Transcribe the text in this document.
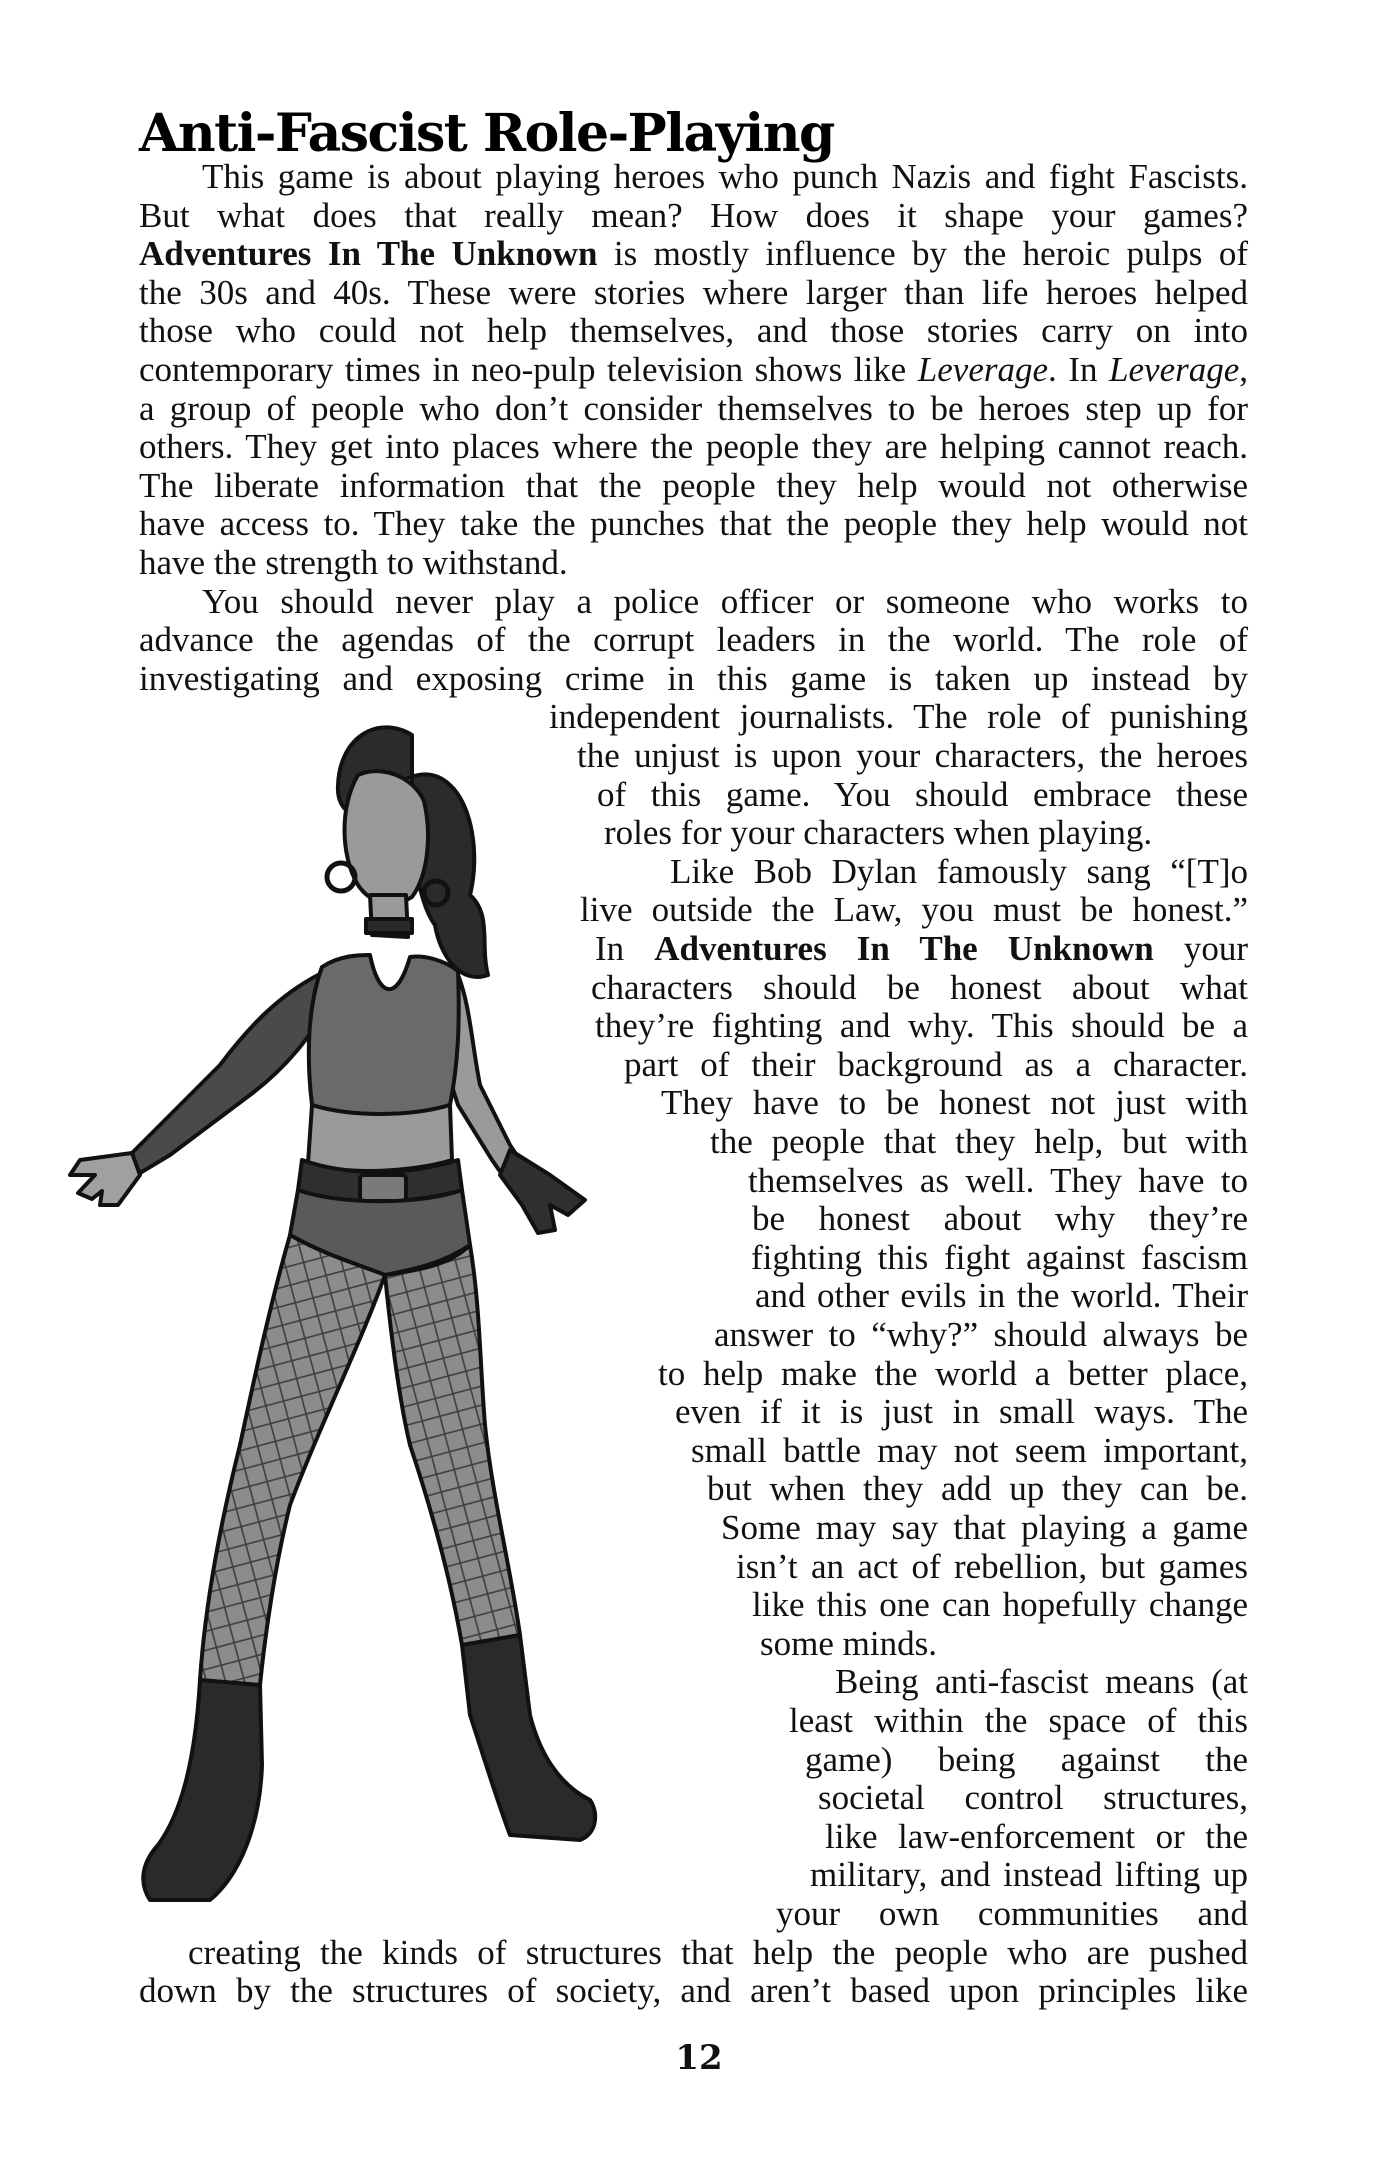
Anti-Fascist Role-Playing
This game is about playing heroes who punch Nazis and fight Fascists.
But what does that really mean? How does it shape your games?
Adventures In The Unknown is mostly influence by the heroic pulps of
the 30s and 40s. These were stories where larger than life heroes helped
those who could not help themselves, and those stories carry on into
contemporary times in neo-pulp television shows like Leverage. In Leverage,
a group of people who don’t consider themselves to be heroes step up for
others. They get into places where the people they are helping cannot reach.
The liberate information that the people they help would not otherwise
have access to. They take the punches that the people they help would not
have the strength to withstand.
You should never play a police officer or someone who works to
advance the agendas of the corrupt leaders in the world. The role of
investigating and exposing crime in this game is taken up instead by
independent journalists. The role of punishing
the unjust is upon your characters, the heroes
of this game. You should embrace these
roles for your characters when playing.
Like Bob Dylan famously sang “[T]o
live outside the Law, you must be honest.”
In Adventures In The Unknown your
characters should be honest about what
they’re fighting and why. This should be a
part of their background as a character.
They have to be honest not just with
the people that they help, but with
themselves as well. They have to
be honest about why they’re
fighting this fight against fascism
and other evils in the world. Their
answer to “why?” should always be
to help make the world a better place,
even if it is just in small ways. The
small battle may not seem important,
but when they add up they can be.
Some may say that playing a game
isn’t an act of rebellion, but games
like this one can hopefully change
some minds.
Being anti-fascist means (at
least within the space of this
game) being against the
societal control structures,
like law-enforcement or the
military, and instead lifting up
your own communities and
creating the kinds of structures that help the people who are pushed
down by the structures of society, and aren’t based upon principles like
12
